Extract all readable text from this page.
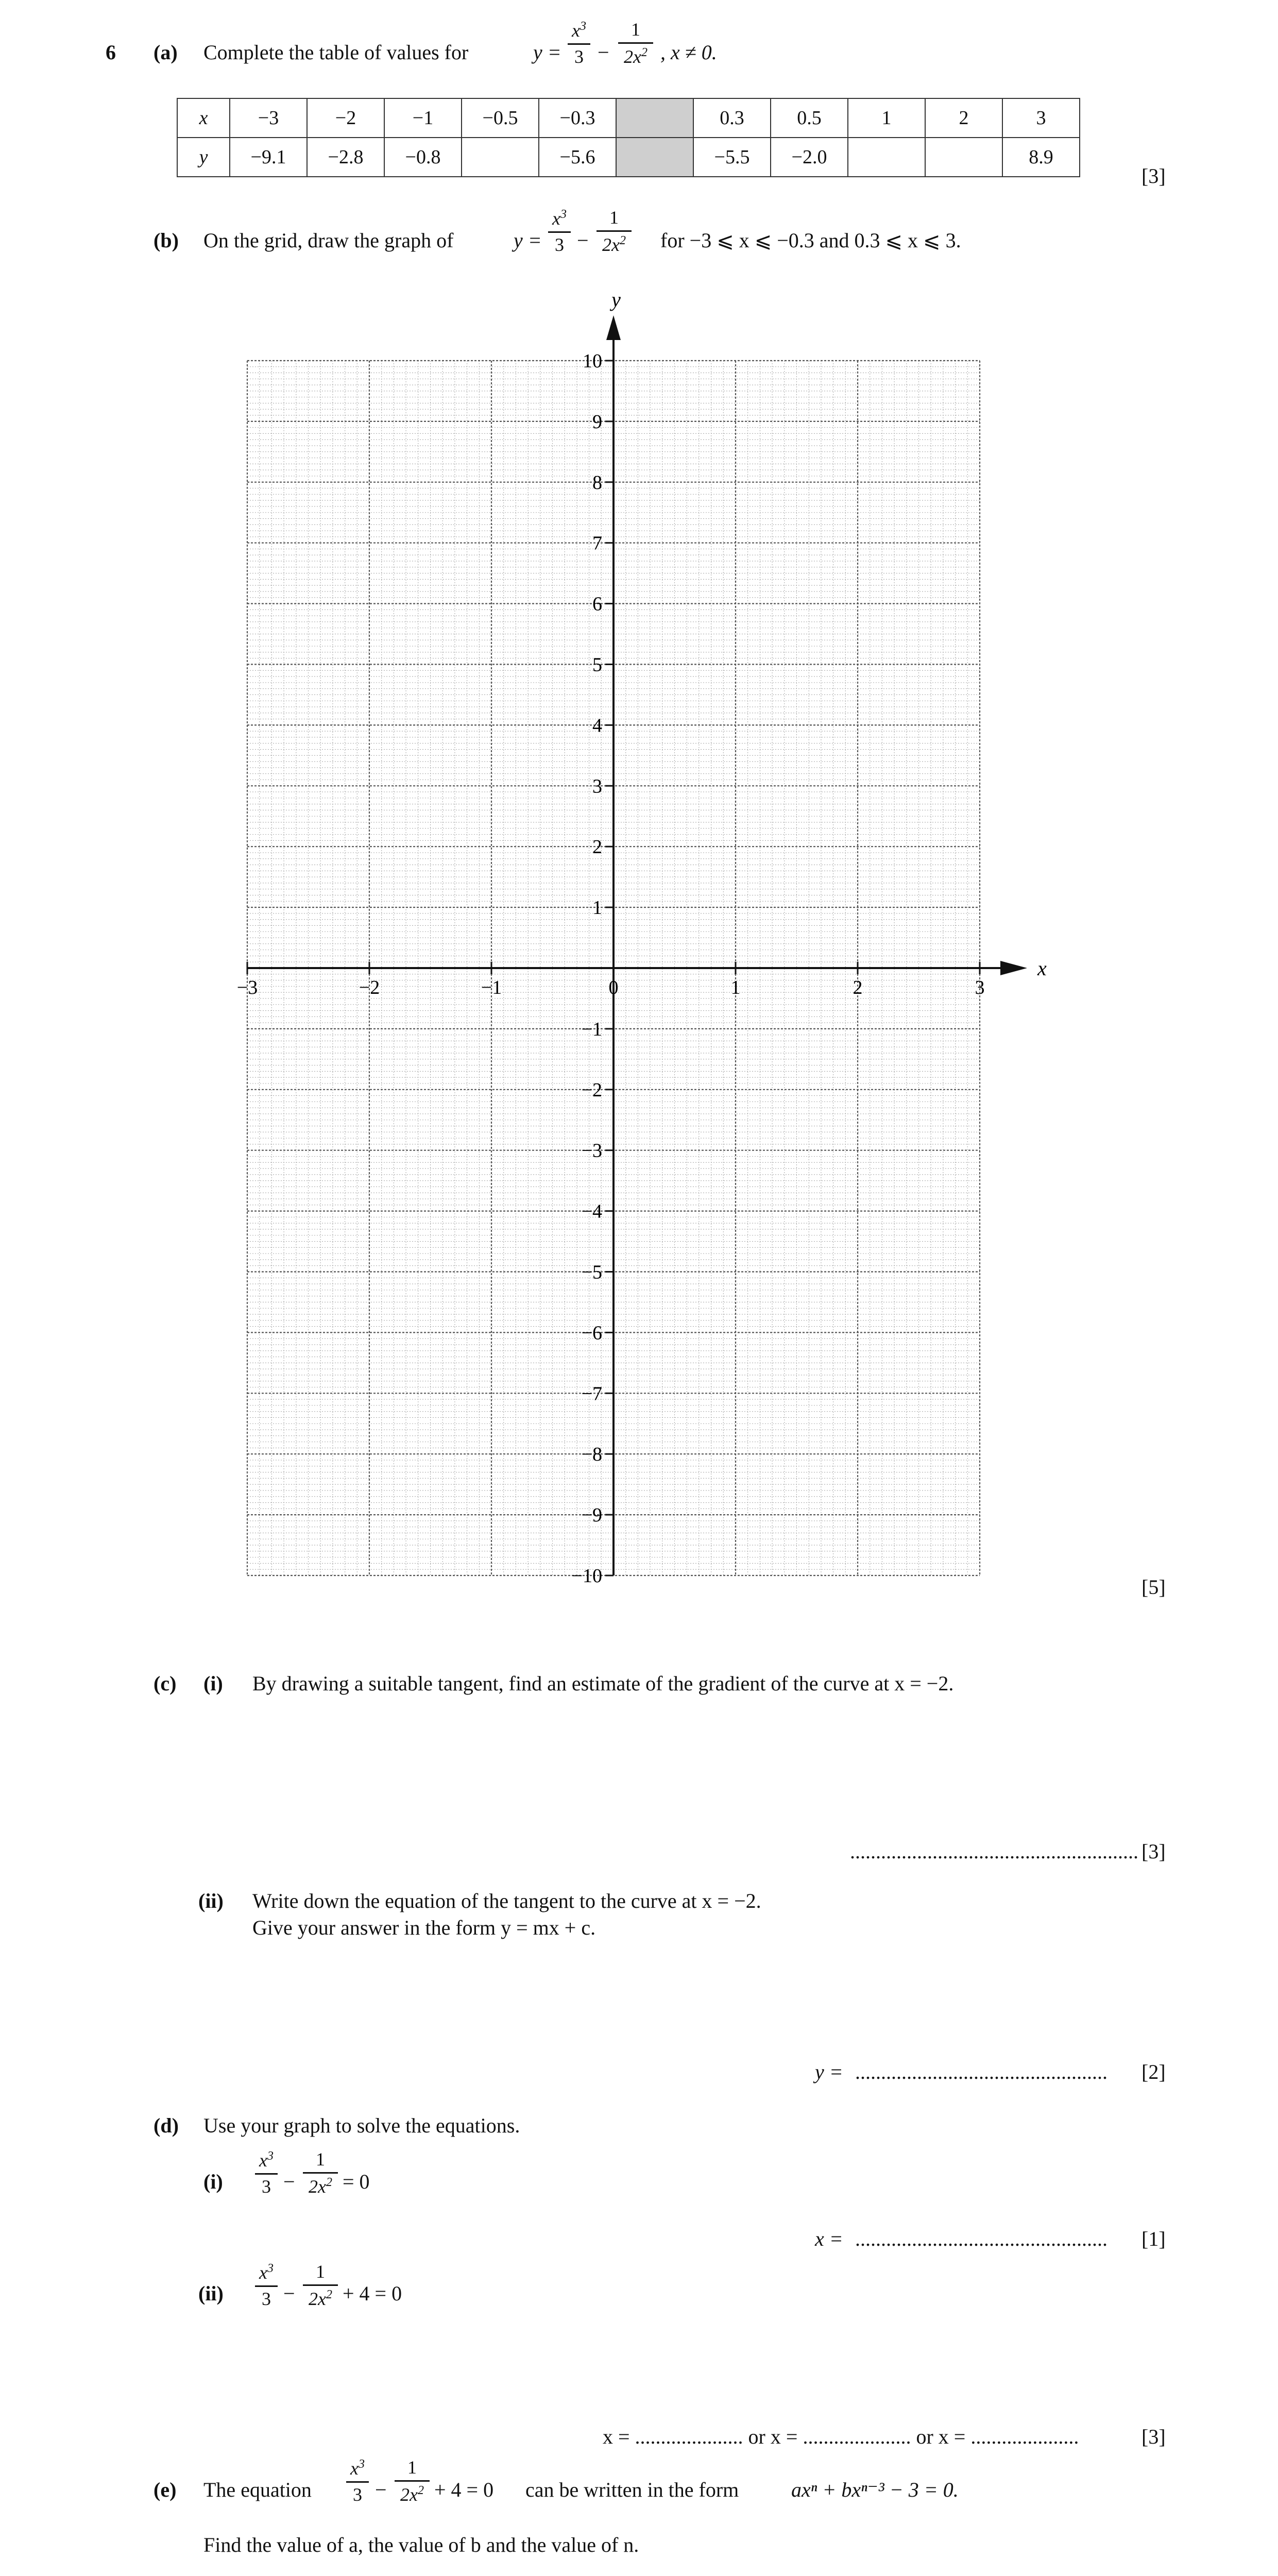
6 (a) Complete the table of values for	y =
$x^3$
3 −
1
$2x^2$ , x ≠ 0.
x	−3	−2	−1	−0.5	−0.3		0.3	0.5	1	2	3
y	−9.1	−2.8	−0.8		−5.6		−5.5	−2.0			8.9
[3]
(b) On the grid, draw the graph of	y =
$x^3$
3 −
1
$2x^2$ for −3 ⩽ x ⩽ −0.3 and 0.3 ⩽ x ⩽ 3.
y
x
−3	−2	−1	0	1	2	3
10
9
8
7
6
5
4
3
2
1
−1
−2
−3
−4
−5
−6
−7
−8
−9
−10	[5]
(c) (i) By drawing a suitable tangent, find an estimate of the gradient of the curve at x = −2.
........................................................ [3]
(ii) Write down the equation of the tangent to the curve at x = −2.
Give your answer in the form y = mx + c.
y = ................................................. [2]
(d) Use your graph to solve the equations.
(i)
$x^3$
3 −
1
$2x^2 = 0$
x = ................................................. [1]
(ii)
$x^3$
3 −
1
$2x^2 + 4 = 0$
x = ..................... or x = ..................... or x = .....................	[3]
(e) The equation
$x^3$
3 −
1
$2x^2 + 4 = 0$ can be written in the form	axⁿ + bxⁿ⁻³ − 3 = 0.
Find the value of a, the value of b and the value of n.
